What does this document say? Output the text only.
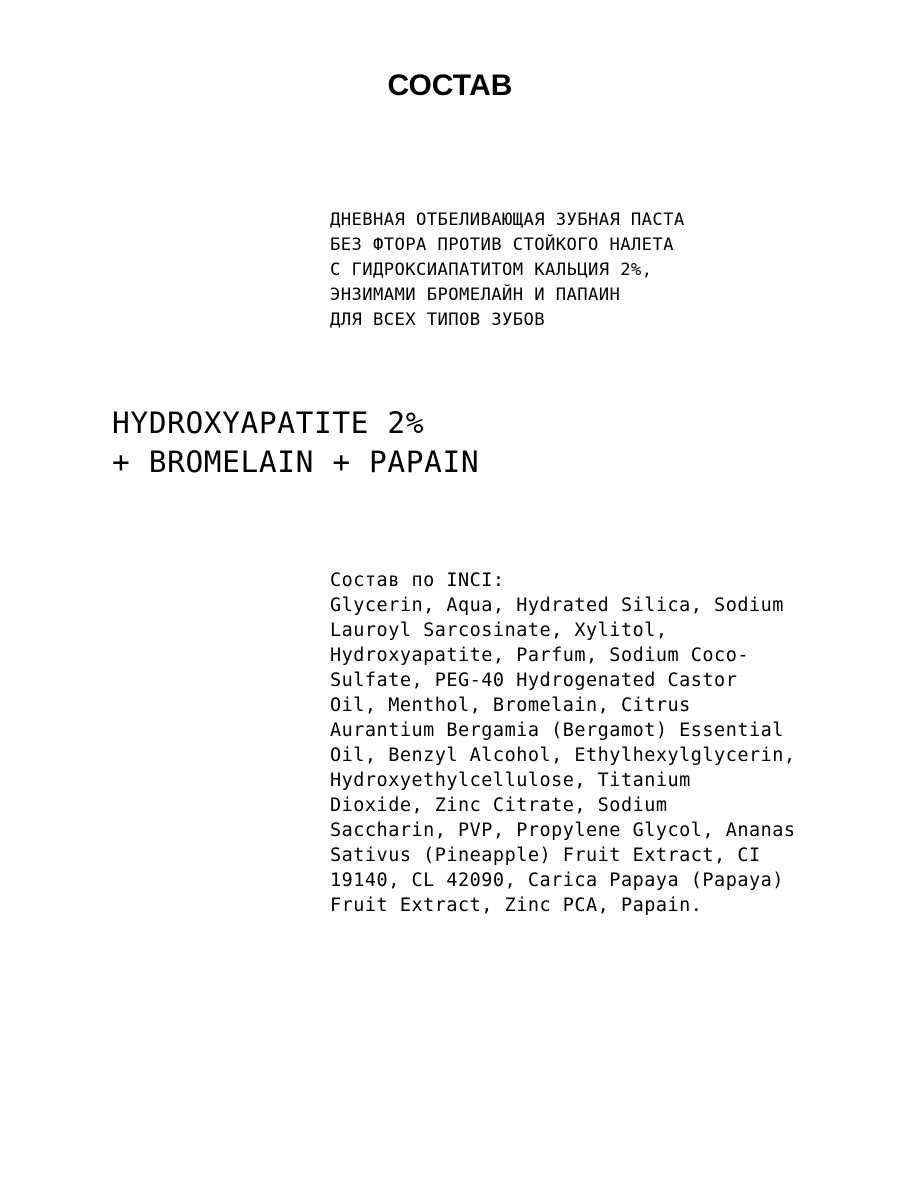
СОСТАВ
ДНЕВНАЯ ОТБЕЛИВАЮЩАЯ ЗУБНАЯ ПАСТА
БЕЗ ФТОРА ПРОТИВ СТОЙКОГО НАЛЕТА
С ГИДРОКСИАПАТИТОМ КАЛЬЦИЯ 2%,
ЭНЗИМАМИ БРОМЕЛАЙН И ПАПАИН
ДЛЯ ВСЕХ ТИПОВ ЗУБОВ
HYDROXYAPATITE 2%
+ BROMELAIN + PAPAIN
Состав по INCI:
Glycerin, Aqua, Hydrated Silica, Sodium
Lauroyl Sarcosinate, Xylitol,
Hydroxyapatite, Parfum, Sodium Coco-
Sulfate, PEG-40 Hydrogenated Castor
Oil, Menthol, Bromelain, Citrus
Aurantium Bergamia (Bergamot) Essential
Oil, Benzyl Alcohol, Ethylhexylglycerin,
Hydroxyethylcellulose, Titanium
Dioxide, Zinc Citrate, Sodium
Saccharin, PVP, Propylene Glycol, Ananas
Sativus (Pineapple) Fruit Extract, CI
19140, CL 42090, Carica Papaya (Papaya)
Fruit Extract, Zinc PCA, Papain.
